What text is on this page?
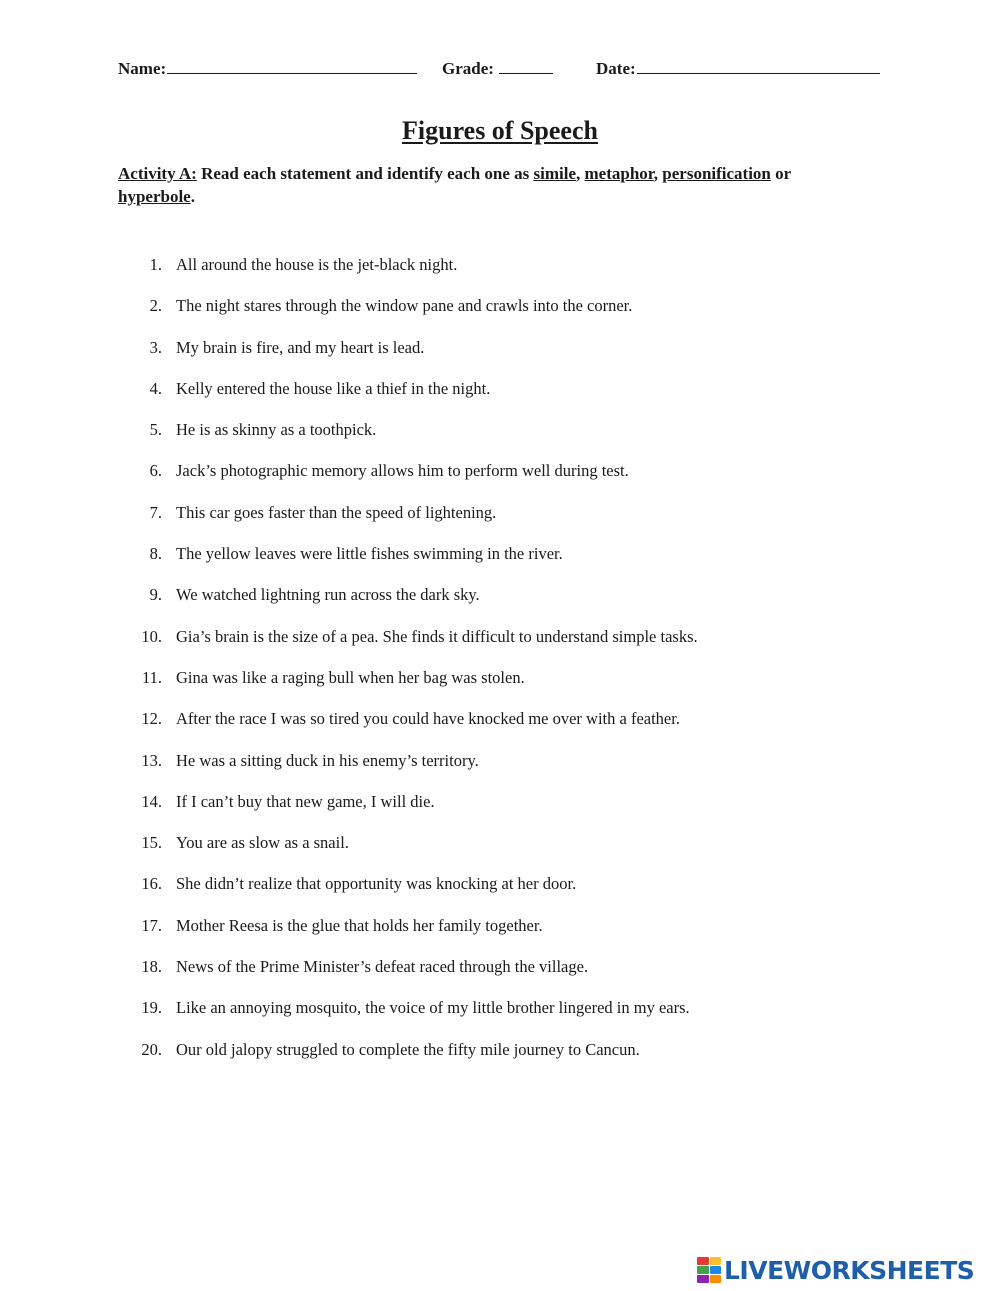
Name:	Grade:	Date:
Figures of Speech
Activity A: Read each statement and identify each one as simile, metaphor, personification or hyperbole.
1. All around the house is the jet-black night.
2. The night stares through the window pane and crawls into the corner.
3. My brain is fire, and my heart is lead.
4. Kelly entered the house like a thief in the night.
5. He is as skinny as a toothpick.
6. Jack’s photographic memory allows him to perform well during test.
7. This car goes faster than the speed of lightening.
8. The yellow leaves were little fishes swimming in the river.
9. We watched lightning run across the dark sky.
10. Gia’s brain is the size of a pea. She finds it difficult to understand simple tasks.
11. Gina was like a raging bull when her bag was stolen.
12. After the race I was so tired you could have knocked me over with a feather.
13. He was a sitting duck in his enemy’s territory.
14. If I can’t buy that new game, I will die.
15. You are as slow as a snail.
16. She didn’t realize that opportunity was knocking at her door.
17. Mother Reesa is the glue that holds her family together.
18. News of the Prime Minister’s defeat raced through the village.
19. Like an annoying mosquito, the voice of my little brother lingered in my ears.
20. Our old jalopy struggled to complete the fifty mile journey to Cancun.
LIVEWORKSHEETS
